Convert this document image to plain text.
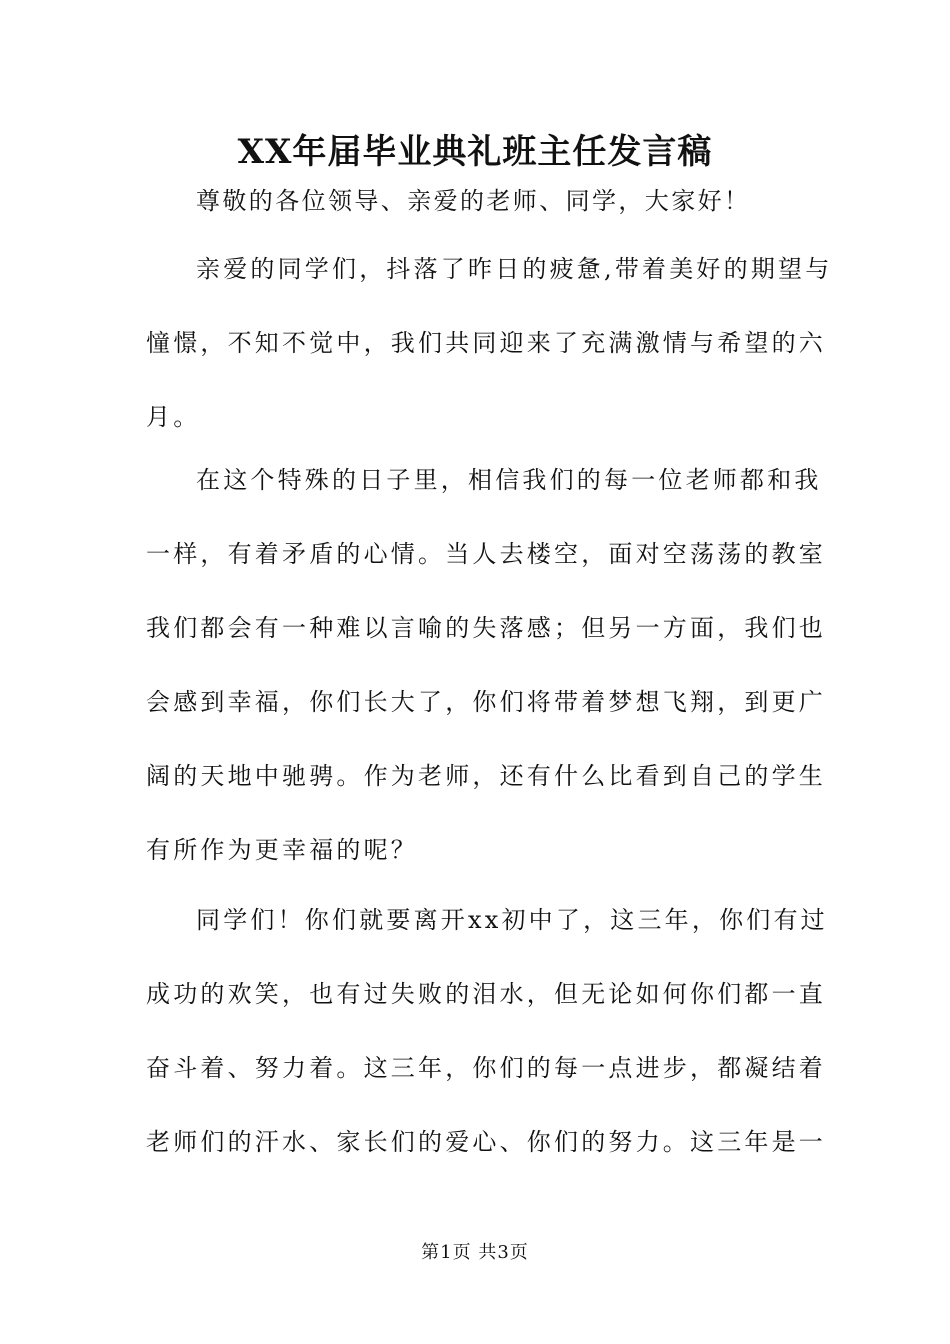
XX年届毕业典礼班主任发言稿
尊敬的各位领导、亲爱的老师、同学，大家好！
亲爱的同学们，抖落了昨日的疲惫,带着美好的期望与
憧憬，不知不觉中，我们共同迎来了充满激情与希望的六
月。
在这个特殊的日子里，相信我们的每一位老师都和我
一样，有着矛盾的心情。当人去楼空，面对空荡荡的教室
我们都会有一种难以言喻的失落感；但另一方面，我们也
会感到幸福，你们长大了，你们将带着梦想飞翔，到更广
阔的天地中驰骋。作为老师，还有什么比看到自己的学生
有所作为更幸福的呢？
同学们！你们就要离开xx初中了，这三年，你们有过
成功的欢笑，也有过失败的泪水，但无论如何你们都一直
奋斗着、努力着。这三年，你们的每一点进步，都凝结着
老师们的汗水、家长们的爱心、你们的努力。这三年是一
第1页 共3页
